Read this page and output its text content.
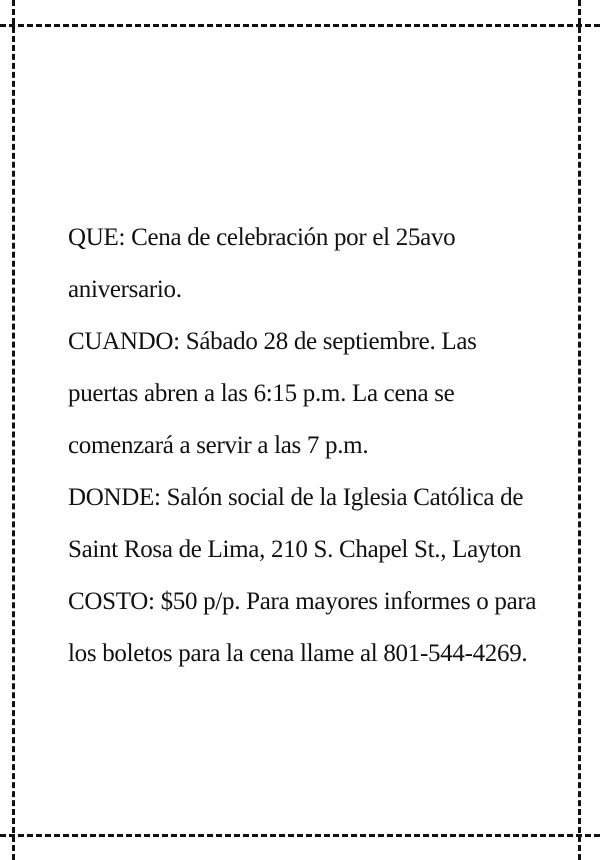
QUE: Cena de celebración por el 25avo
aniversario.
CUANDO: Sábado 28 de septiembre. Las
puertas abren a las 6:15 p.m. La cena se
comenzará a servir a las 7 p.m.
DONDE: Salón social de la Iglesia Católica de
Saint Rosa de Lima, 210 S. Chapel St., Layton
COSTO: $50 p/p. Para mayores informes o para
los boletos para la cena llame al 801-544-4269.
